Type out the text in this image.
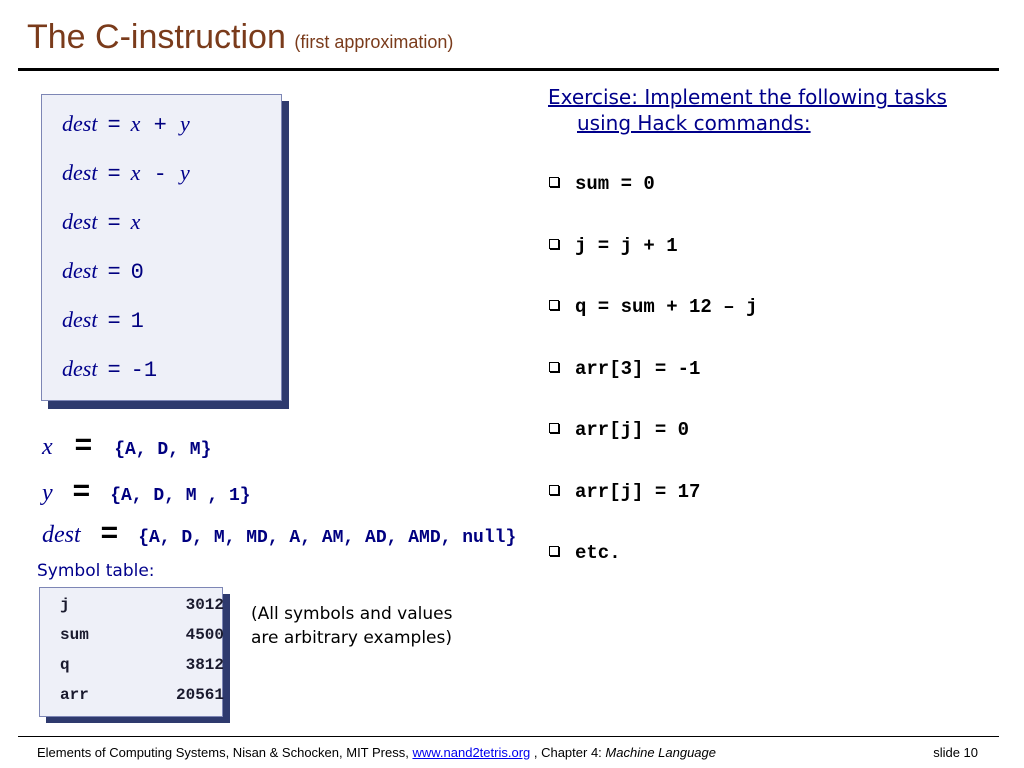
The C-instruction (first approximation)
dest = x + y
dest = x - y
dest = x
dest = 0
dest = 1
dest = -1
x = {A, D, M}
y = {A, D, M , 1}
dest = {A, D, M, MD, A, AM, AD, AMD, null}
Symbol table:
j	3012
sum	4500
q	3812
arr	20561
(All symbols and values
are arbitrary examples)
Exercise: Implement the following tasks
using Hack commands:
sum = 0
j = j + 1
q = sum + 12 – j
arr[3] = -1
arr[j] = 0
arr[j] = 17
etc.
Elements of Computing Systems, Nisan & Schocken, MIT Press, www.nand2tetris.org , Chapter 4: Machine Language	slide 10
